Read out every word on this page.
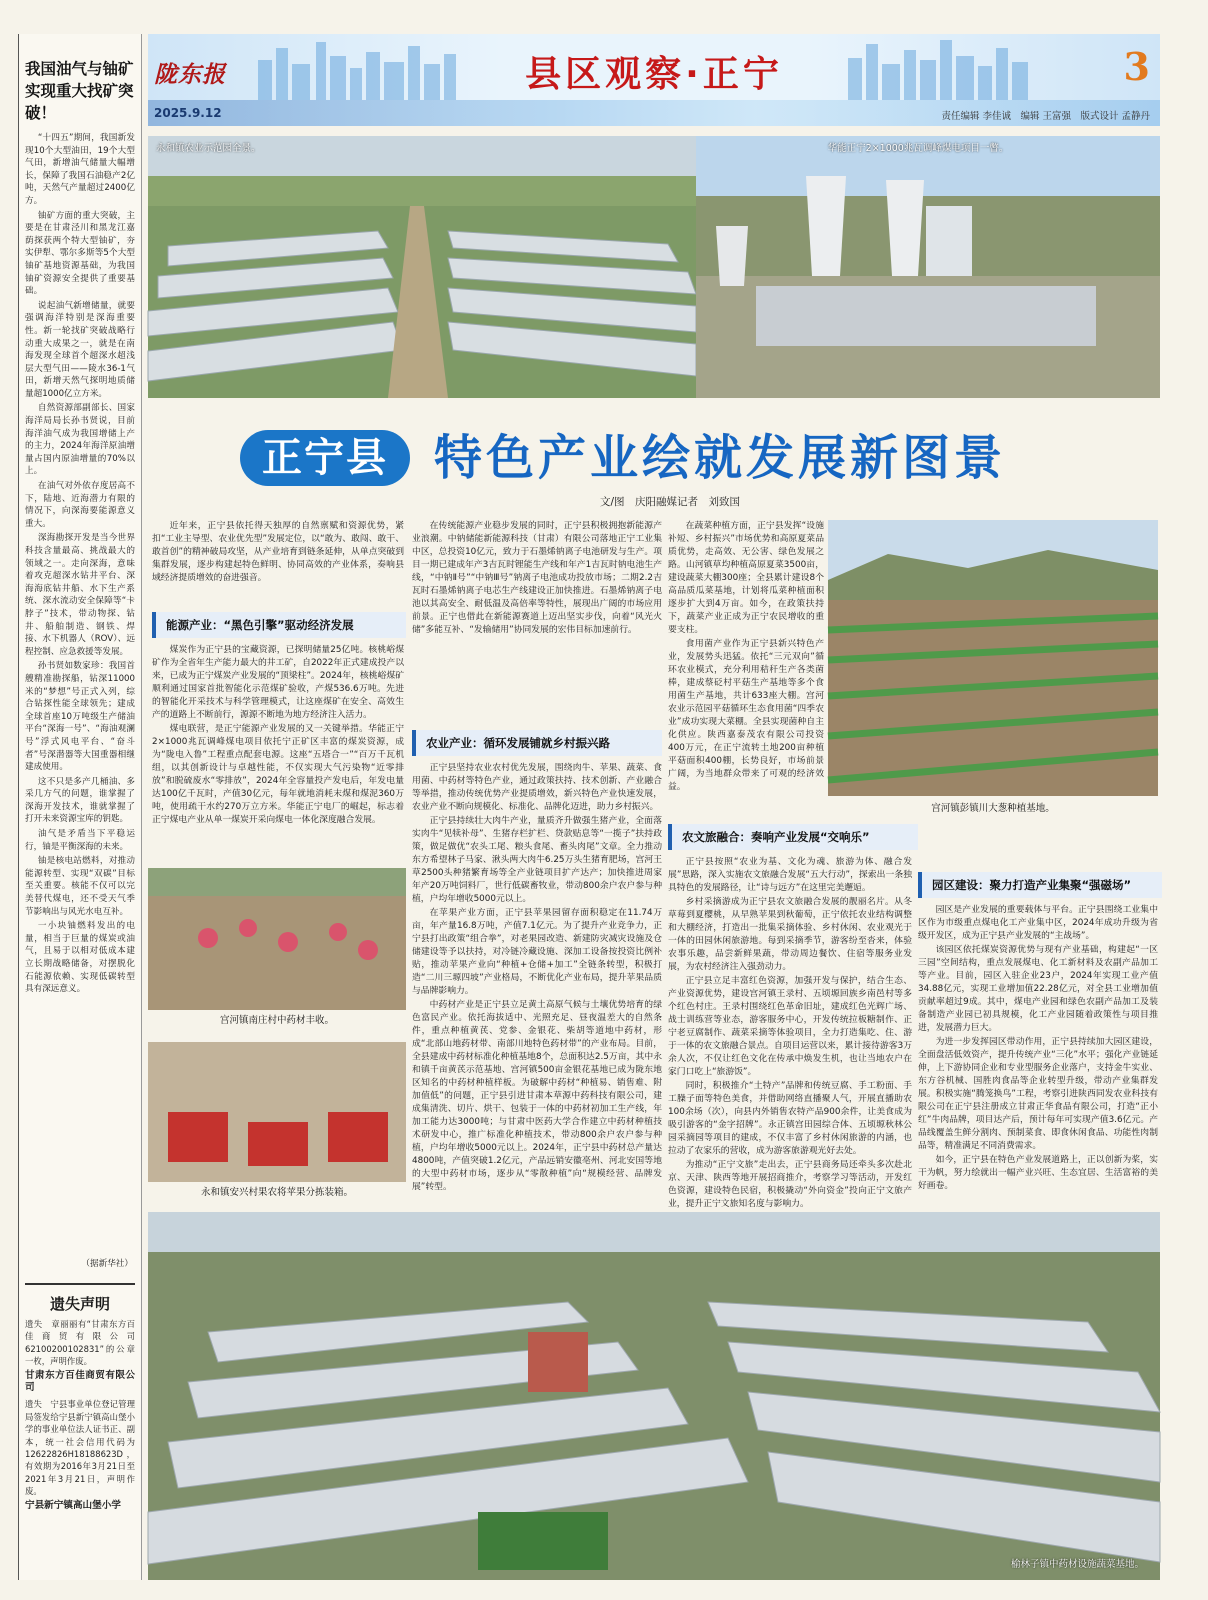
我国油气与铀矿实现重大找矿突破！

“十四五”期间，我国新发现10个大型油田，19个大型气田，新增油气储量大幅增长，保障了我国石油稳产2亿吨，天然气产量超过2400亿方。

铀矿方面的重大突破，主要是在甘肃泾川和黑龙江嘉荫探获两个特大型铀矿，夯实伊犁、鄂尔多斯等5个大型铀矿基地资源基础，为我国铀矿资源安全提供了重要基础。

说起油气新增储量，就要强调海洋特别是深海重要性。新一轮找矿突破战略行动重大成果之一，就是在南海发现全球首个超深水超浅层大型气田——陵水36-1气田，新增天然气探明地质储量超1000亿立方米。

自然资源部副部长、国家海洋局局长孙书贤说，目前海洋油气成为我国增储上产的主力，2024年海洋原油增量占国内原油增量的70%以上。

在油气对外依存度居高不下，陆地、近海潜力有限的情况下，向深海要能源意义重大。

深海勘探开发是当今世界科技含量最高、挑战最大的领域之一。走向深海，意味着攻克超深水钻井平台、深海海底钻井船、水下生产系统、深水流动安全保障等“卡脖子”技术，带动物探、钻井、船舶制造、钢铁、焊接、水下机器人（ROV）、远程控制、应急救援等发展。

孙书贤如数家珍：我国首艘精准勘探船，钻深11000米的“梦想”号正式入列，综合钻探性能全球领先；建成全球首座10万吨级生产储油平台“深海一号”、“海油观澜号”浮式风电平台、“奋斗者”号深潜器等大国重器相继建成使用。

这不只是多产几桶油、多采几方气的问题，谁掌握了深海开发技术，谁就掌握了打开未来资源宝库的钥匙。

油气是矛盾当下平稳运行，铀是平衡深海的未来。

铀是核电站燃料，对推动能源转型、实现“双碳”目标至关重要。核能不仅可以完美替代煤电，还不受天气季节影响出与风光水电互补。

一小块铀燃料发出的电量，相当于巨量的煤炭或油气，且易于以相对低成本建立长期战略储备，对摆脱化石能源依赖、实现低碳转型具有深远意义。

（据新华社）
遗失声明
遗失　章丽丽有“甘肃东方百佳商贸有限公司62100200102831”的公章一枚，声明作废。
甘肃东方百佳商贸有限公司
遗失　宁县事业单位登记管理局签发给宁县新宁镇高山堡小学的事业单位法人证书正、副本，统一社会信用代码为12622826H18188623D，有效期为2016年3月21日至2021年3月21日，声明作废。
宁县新宁镇高山堡小学
陇东报
2025.9.12
县区观察·正宁	3
责任编辑 李佳诚　编辑 王富强　版式设计 孟静丹
永和镇农业示范园全景。	华能正宁2×1000兆瓦调峰煤电项目一瞥。
正宁县 特色产业绘就发展新图景
文/图　庆阳融媒记者　刘致国

近年来，正宁县依托得天独厚的自然禀赋和资源优势，紧扣“工业主导型、农业优先型”发展定位，以“敢为、敢闯、敢干、敢首创”的精神破局攻坚，从产业培育到链条延伸，从单点突破到集群发展，逐步构建起特色鲜明、协同高效的产业体系，奏响县域经济提质增效的奋进强音。

能源产业：“黑色引擎”驱动经济发展

煤炭作为正宁县的宝藏资源，已探明储量25亿吨。核桃峪煤矿作为全省年生产能力最大的井工矿，自2022年正式建成投产以来，已成为正宁煤炭产业发展的“顶梁柱”。2024年，核桃峪煤矿顺利通过国家首批智能化示范煤矿验收，产煤536.6万吨。先进的智能化开采技术与科学管理模式，让这座煤矿在安全、高效生产的道路上不断前行，源源不断地为地方经济注入活力。

煤电联营，是正宁能源产业发展的又一关键举措。华能正宁2×1000兆瓦调峰煤电项目依托宁正矿区丰富的煤炭资源，成为“陇电入鲁”工程重点配套电源。这座“五塔合一”“百万千瓦机组，以其创新设计与卓越性能，不仅实现大气污染物“近零排放”和脱硫废水“零排放”，2024年全容量投产发电后，年发电量达100亿千瓦时，产值30亿元，每年就地消耗末煤和煤泥360万吨，使用疏干水约270万立方米。华能正宁电厂的崛起，标志着正宁煤电产业从单一煤炭开采向煤电一体化深度融合发展。

宫河镇南庄村中药材丰收。
永和镇安兴村果农将苹果分拣装箱。

在传统能源产业稳步发展的同时，正宁县积极拥抱新能源产业浪潮。中钠储能新能源科技（甘肃）有限公司落地正宁工业集中区，总投资10亿元，致力于石墨烯钠离子电池研发与生产。项目一期已建成年产3吉瓦时锂能生产线和年产1吉瓦时钠电池生产线，“中钠Ⅱ号”“中钠Ⅲ号”钠离子电池成功投放市场；二期2.2吉瓦时石墨烯钠离子电芯生产线建设正加快推进。石墨烯钠离子电池以其高安全、耐低温及高倍率等特性，展现出广阔的市场应用前景。正宁也借此在新能源赛道上迈出坚实步伐，向着“风光火储”多能互补、“发输储用”协同发展的宏伟目标加速前行。

农业产业：循环发展铺就乡村振兴路

正宁县坚持农业农村优先发展，围绕肉牛、苹果、蔬菜、食用菌、中药材等特色产业，通过政策扶持、技术创新、产业融合等举措，推动传统优势产业提质增效，新兴特色产业快速发展，农业产业不断向规模化、标准化、品牌化迈进，助力乡村振兴。

正宁县持续壮大肉牛产业，量质齐升做强生猪产业，全面落实肉牛“见犊补母”、生猪存栏扩栏、贷款贴息等“一揽子”扶持政策，做足做优“农头工尾、粮头食尾、畜头肉尾”文章。全力推动东方希望林子马家、湫头两大肉牛6.25万头生猪育肥场，宫河王草2500头种猪繁育场等全产业链项目扩产达产；加快推进周家年产20万吨饲料厂，世行低碳畜牧业，带动800余户农户参与种植，户均年增收5000元以上。

在苹果产业方面，正宁县苹果园留存面积稳定在11.74万亩，年产量16.8万吨，产值7.1亿元。为了提升产业竞争力，正宁县打出政策“组合拳”，对老果园改造、新建防灾减灾设施及仓储建设等予以扶持，对冷链冷藏设施、深加工设备按投资比例补贴，推动苹果产业向“种植+仓储+加工”全链条转型，积极打造“二川三塬四坡”产业格局，不断优化产业布局，提升苹果品质与品牌影响力。

中药材产业是正宁县立足黄土高原气候与土壤优势培育的绿色富民产业。依托海拔适中、光照充足、昼夜温差大的自然条件，重点种植黄芪、党参、金银花、柴胡等道地中药材，形成“北部山地药材带、南部川地特色药材带”的产业布局。目前，全县建成中药材标准化种植基地8个，总面积达2.5万亩，其中永和镇千亩黄芪示范基地、宫河镇500亩金银花基地已成为陇东地区知名的中药材种植样板。为破解中药材“种植易、销售难、附加值低”的问题，正宁县引进甘肃本草源中药科技有限公司，建成集清洗、切片、烘干、包装于一体的中药材初加工生产线，年加工能力达3000吨；与甘肃中医药大学合作建立中药材种植技术研发中心，推广标准化种植技术，带动800余户农户参与种植，户均年增收5000元以上。2024年，正宁县中药材总产量达4800吨，产值突破1.2亿元，产品远销安徽亳州、河北安国等地的大型中药材市场，逐步从“零散种植”向“规模经营、品牌发展”转型。

在蔬菜种植方面，正宁县发挥“设施补短、乡村振兴”市场优势和高原夏菜品质优势，走高效、无公害、绿色发展之路。山河镇草均种植高原夏菜3500亩，建设蔬菜大棚300座；全县累计建设8个高品质瓜菜基地，计划将瓜菜种植面积逐步扩大到4万亩。如今，在政策扶持下，蔬菜产业正成为正宁农民增收的重要支柱。

食用菌产业作为正宁县新兴特色产业，发展势头迅猛。依托“三元双向”循环农业模式，充分利用秸秆生产各类菌棒，建成蔡砭村平菇生产基地等多个食用菌生产基地，共计633座大棚。宫河农业示范园平菇循环生态食用菌“四季农业”成功实现大菜棚。全县实现菌种自主化供应。陕西嘉泰茂农有限公司投资400万元，在正宁流转土地200亩种植平菇面积400棚，长势良好，市场前景广阔，为当地群众带来了可观的经济效益。

农文旅融合：奏响产业发展“交响乐”

正宁县按照“农业为基、文化为魂、旅游为体、融合发展”思路，深入实施农文旅融合发展“五大行动”，探索出一条独具特色的发展路径，让“诗与远方”在这里完美邂逅。

乡村采摘游成为正宁县农文旅融合发展的靓丽名片。从冬草莓到夏樱桃，从早熟苹果到秋葡萄，正宁依托农业结构调整和大棚经济，打造出一批集采摘体验、乡村休闲、农业观光于一体的田园休闲旅游地。每到采摘季节，游客纷至沓来，体验农事乐趣，品尝新鲜果蔬，带动周边餐饮、住宿等服务业发展，为农村经济注入强劲动力。

正宁县立足丰富红色资源，加强开发与保护，结合生态、产业资源优势，建设宫河镇王录村、五顷塬回族乡南邑村等多个红色村庄。王录村围绕红色革命旧址，建成红色光辉广场、战士训练营等业态，游客服务中心，开发传统拉板糖制作、正宁老豆腐制作、蔬菜采摘等体验项目，全力打造集吃、住、游于一体的农文旅融合景点。自项目运营以来，累计接待游客3万余人次，不仅让红色文化在传承中焕发生机，也让当地农户在家门口吃上“旅游饭”。

同时，积极推介“土特产”品牌和传统豆腐、手工粉面、手工臊子面等特色美食，并借助网络直播聚人气，开展直播助农100余场（次），向县内外销售农特产品900余件，让美食成为吸引游客的“金字招牌”。永正镇宫田园综合体、五顷塬秋林公园采摘园等项目的建成，不仅丰富了乡村休闲旅游的内涵，也拉动了农家乐的营收，成为游客旅游观光好去处。

为推动“正宁文旅”走出去，正宁县商务局还牵头多次赴北京、天津、陕西等地开展招商推介，考察学习等活动，开发红色资源，建设特色民宿，积极撬动“外向资金”投向正宁文旅产业，提升正宁文旅知名度与影响力。

宫河镇彭镇川大葱种植基地。
园区建设：聚力打造产业集聚“强磁场”

园区是产业发展的重要载体与平台。正宁县围绕工业集中区作为市级重点煤电化工产业集中区，2024年成功升级为省级开发区，成为正宁县产业发展的“主战场”。

该园区依托煤炭资源优势与现有产业基础，构建起“一区三园”空间结构，重点发展煤电、化工新材料及农副产品加工等产业。目前，园区入驻企业23户，2024年实现工业产值34.88亿元，实现工业增加值22.28亿元，对全县工业增加值贡献率超过9成。其中，煤电产业园和绿色农副产品加工及装备制造产业园已初具规模，化工产业园随着政策性与项目推进，发展潜力巨大。

为进一步发挥园区带动作用，正宁县持续加大园区建设，全面盘活低效资产，提升传统产业“三化”水平；强化产业链延伸，上下游协同企业和专业型服务企业落户，支持金牛实业、东方谷机械、国胜肉食品等企业转型升级，带动产业集群发展。积极实施“腾笼换鸟”工程，考察引进陕西同发农业科技有限公司在正宁县注册成立甘肃正华食品有限公司，打造“正小红”牛肉品牌，项目达产后，预计每年可实现产值3.6亿元。产品线覆盖生鲜分割肉、预制菜食、即食休闲食品、功能性肉制品等，精准满足不同消费需求。

如今，正宁县在特色产业发展道路上，正以创新为桨，实干为帆，努力绘就出一幅产业兴旺、生态宜居、生活富裕的美好画卷。

榆林子镇中药材设施蔬菜基地。
